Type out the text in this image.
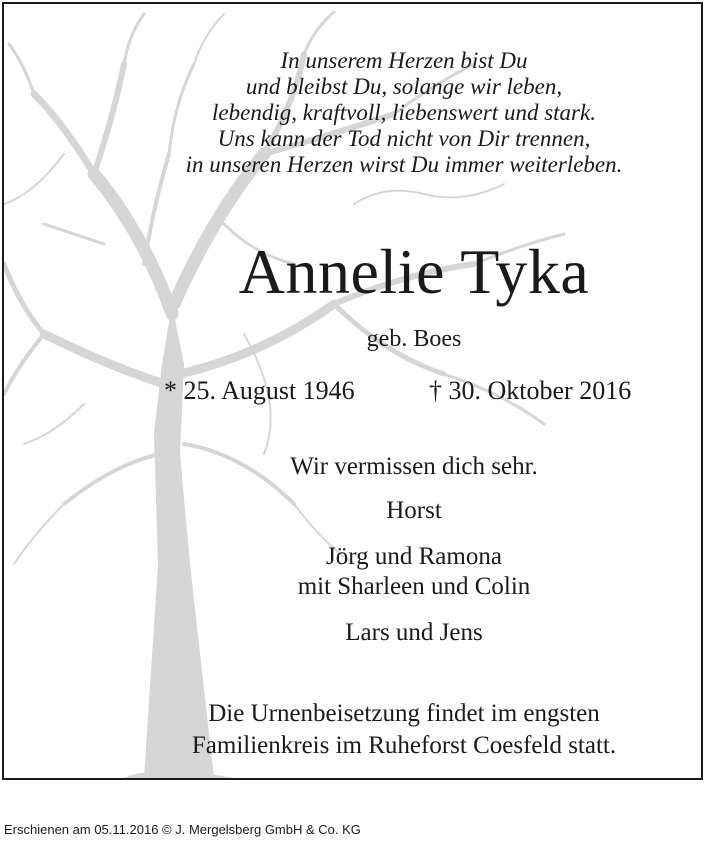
In unserem Herzen bist Du
und bleibst Du, solange wir leben,
lebendig, kraftvoll, liebenswert und stark.
Uns kann der Tod nicht von Dir trennen,
in unseren Herzen wirst Du immer weiterleben.
Annelie Tyka
geb. Boes
* 25. August 1946	† 30. Oktober 2016
Wir vermissen dich sehr.
Horst
Jörg und Ramona
mit Sharleen und Colin
Lars und Jens
Die Urnenbeisetzung findet im engsten
Familienkreis im Ruheforst Coesfeld statt.
Erschienen am 05.11.2016 © J. Mergelsberg GmbH & Co. KG
